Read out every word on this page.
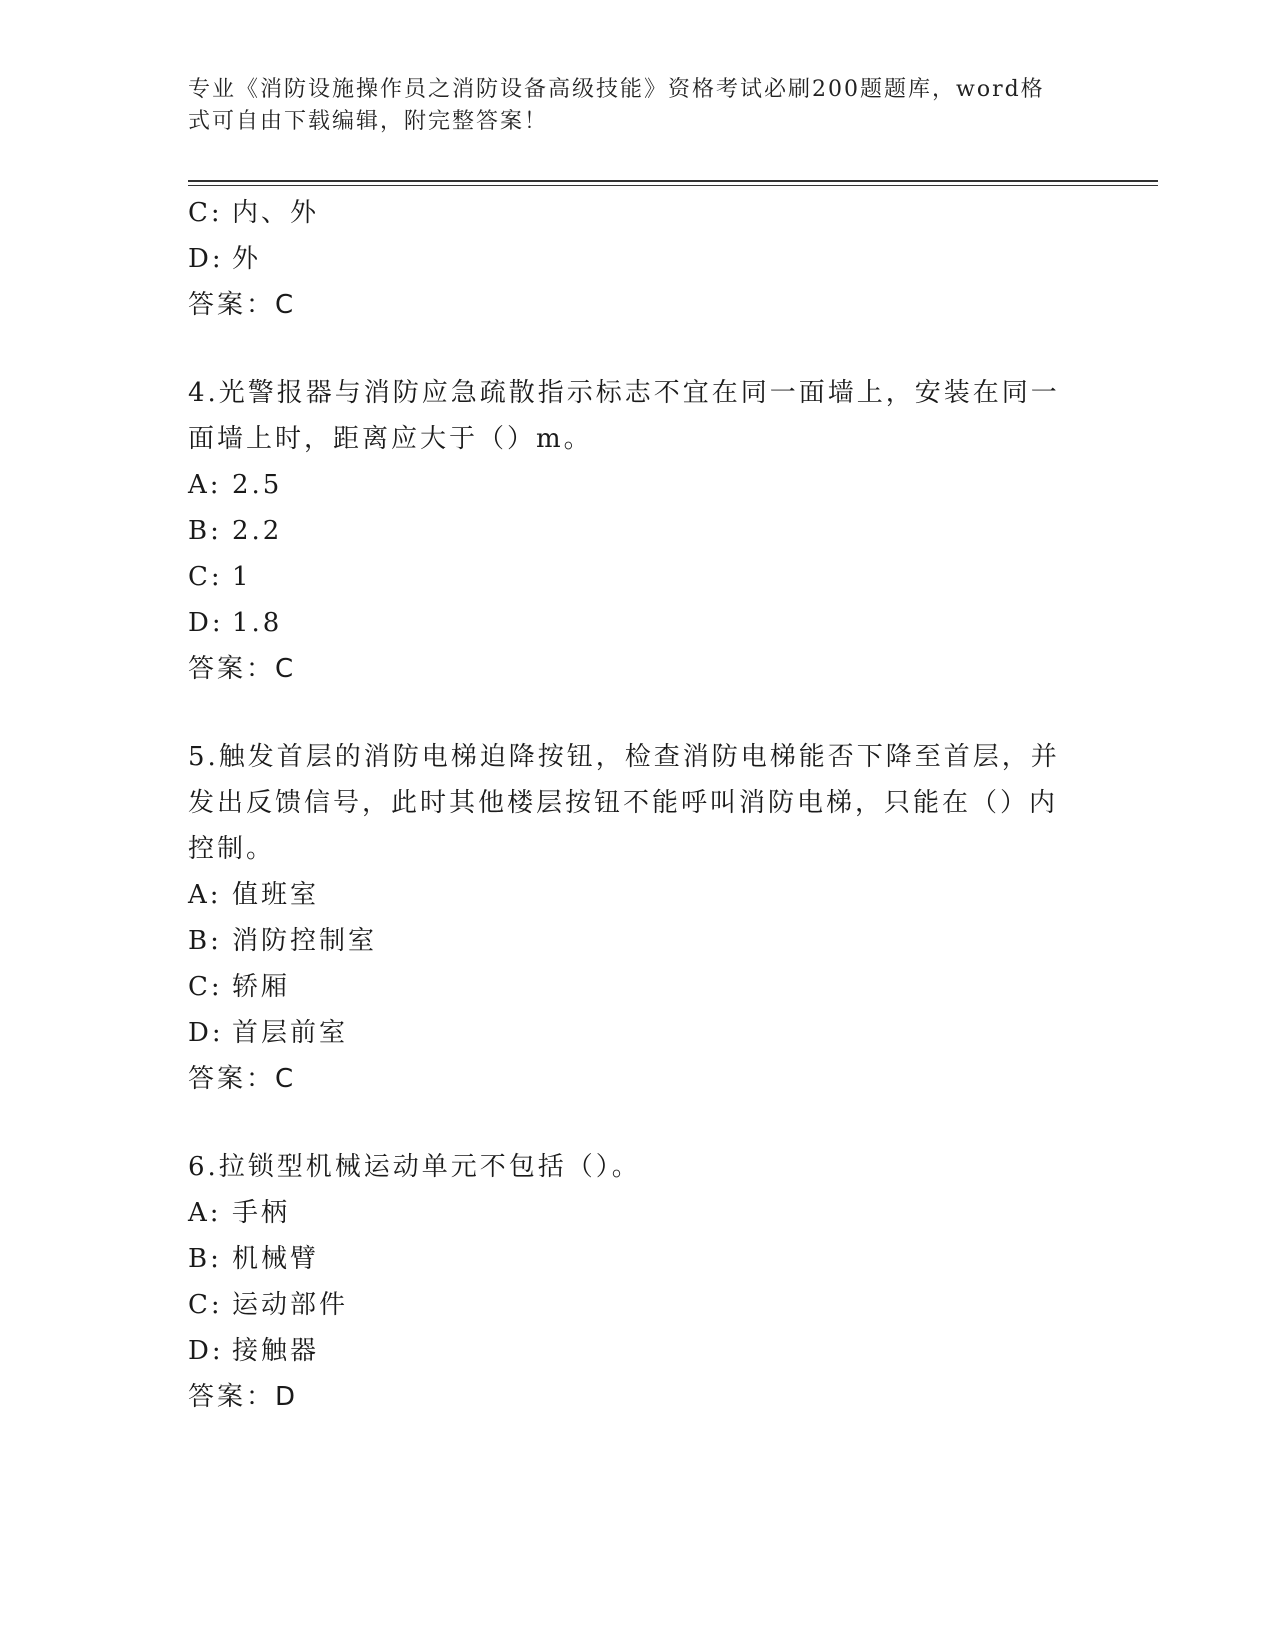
专业《消防设施操作员之消防设备高级技能》资格考试必刷200题题库，word格式可自由下载编辑，附完整答案！

C: 内、外

D: 外

答案：C

4.光警报器与消防应急疏散指示标志不宜在同一面墙上，安装在同一面墙上时，距离应大于（）m。

A: 2.5

B: 2.2

C: 1

D: 1.8

答案：C

5.触发首层的消防电梯迫降按钮，检查消防电梯能否下降至首层，并发出反馈信号，此时其他楼层按钮不能呼叫消防电梯，只能在（）内控制。

A: 值班室

B: 消防控制室

C: 轿厢

D: 首层前室

答案：C

6.拉锁型机械运动单元不包括（）。

A: 手柄

B: 机械臂

C: 运动部件

D: 接触器

答案：D
